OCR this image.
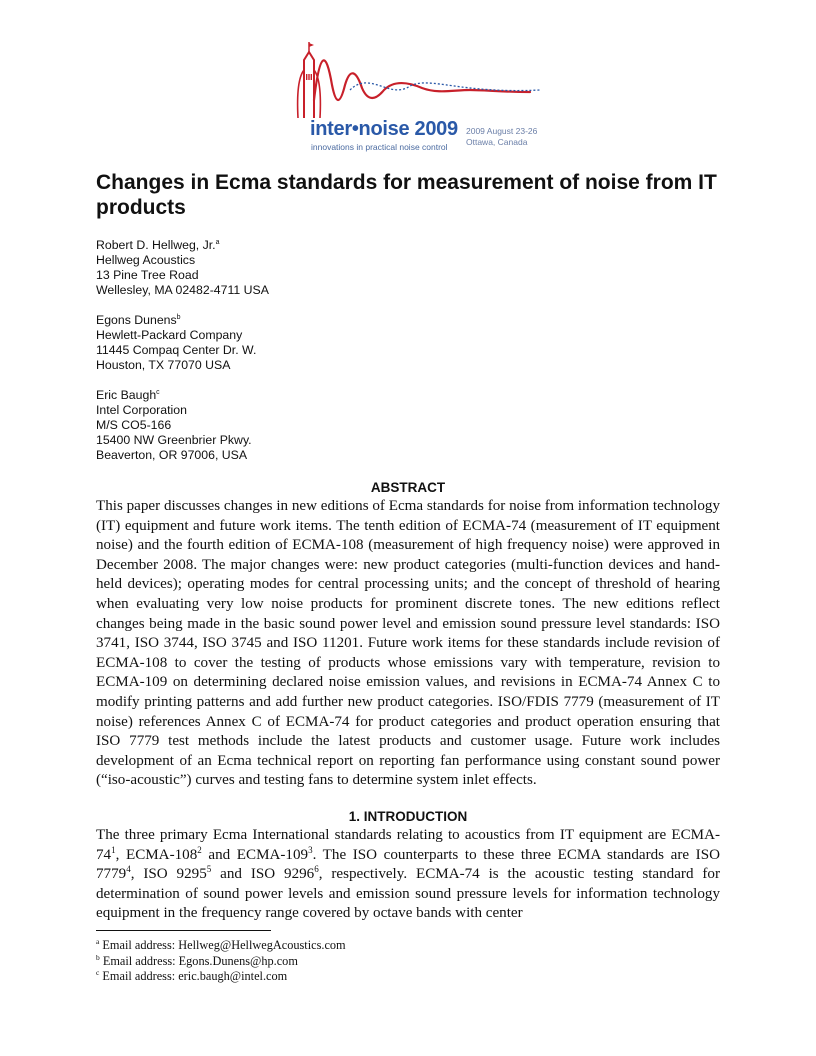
inter•noise 2009
innovations in practical noise control
2009 August 23-26
Ottawa, Canada
Changes in Ecma standards for measurement of noise from IT products
Robert D. Hellweg, Jr.$^a$
Hellweg Acoustics
13 Pine Tree Road
Wellesley, MA 02482-4711 USA
Egons Dunens$^b$
Hewlett-Packard Company
11445 Compaq Center Dr. W.
Houston, TX 77070 USA
Eric Baugh$^c$
Intel Corporation
M/S CO5-166
15400 NW Greenbrier Pkwy.
Beaverton, OR 97006, USA
ABSTRACT

This paper discusses changes in new editions of Ecma standards for noise from information technology (IT) equipment and future work items. The tenth edition of ECMA-74 (measurement of IT equipment noise) and the fourth edition of ECMA-108 (measurement of high frequency noise) were approved in December 2008. The major changes were: new product categories (multi-function devices and hand-held devices); operating modes for central processing units; and the concept of threshold of hearing when evaluating very low noise products for prominent discrete tones. The new editions reflect changes being made in the basic sound power level and emission sound pressure level standards: ISO 3741, ISO 3744, ISO 3745 and ISO 11201. Future work items for these standards include revision of ECMA-108 to cover the testing of products whose emissions vary with temperature, revision to ECMA-109 on determining declared noise emission values, and revisions in ECMA-74 Annex C to modify printing patterns and add further new product categories. ISO/FDIS 7779 (measurement of IT noise) references Annex C of ECMA-74 for product categories and product operation ensuring that ISO 7779 test methods include the latest products and customer usage. Future work includes development of an Ecma technical report on reporting fan performance using constant sound power (“iso-acoustic”) curves and testing fans to determine system inlet effects.

1. INTRODUCTION

The three primary Ecma International standards relating to acoustics from IT equipment are ECMA-$74^1$, ECMA-$108^2$ and ECMA-$109^3$. The ISO counterparts to these three ECMA standards are ISO 7779$^4$, ISO 9295$^5$ and ISO 9296$^6$, respectively. ECMA-74 is the acoustic testing standard for determination of sound power levels and emission sound pressure levels for information technology equipment in the frequency range covered by octave bands with center

$^a$ Email address: Hellweg@HellwegAcoustics.com
$^b$ Email address: Egons.Dunens@hp.com
$^c$ Email address: eric.baugh@intel.com
